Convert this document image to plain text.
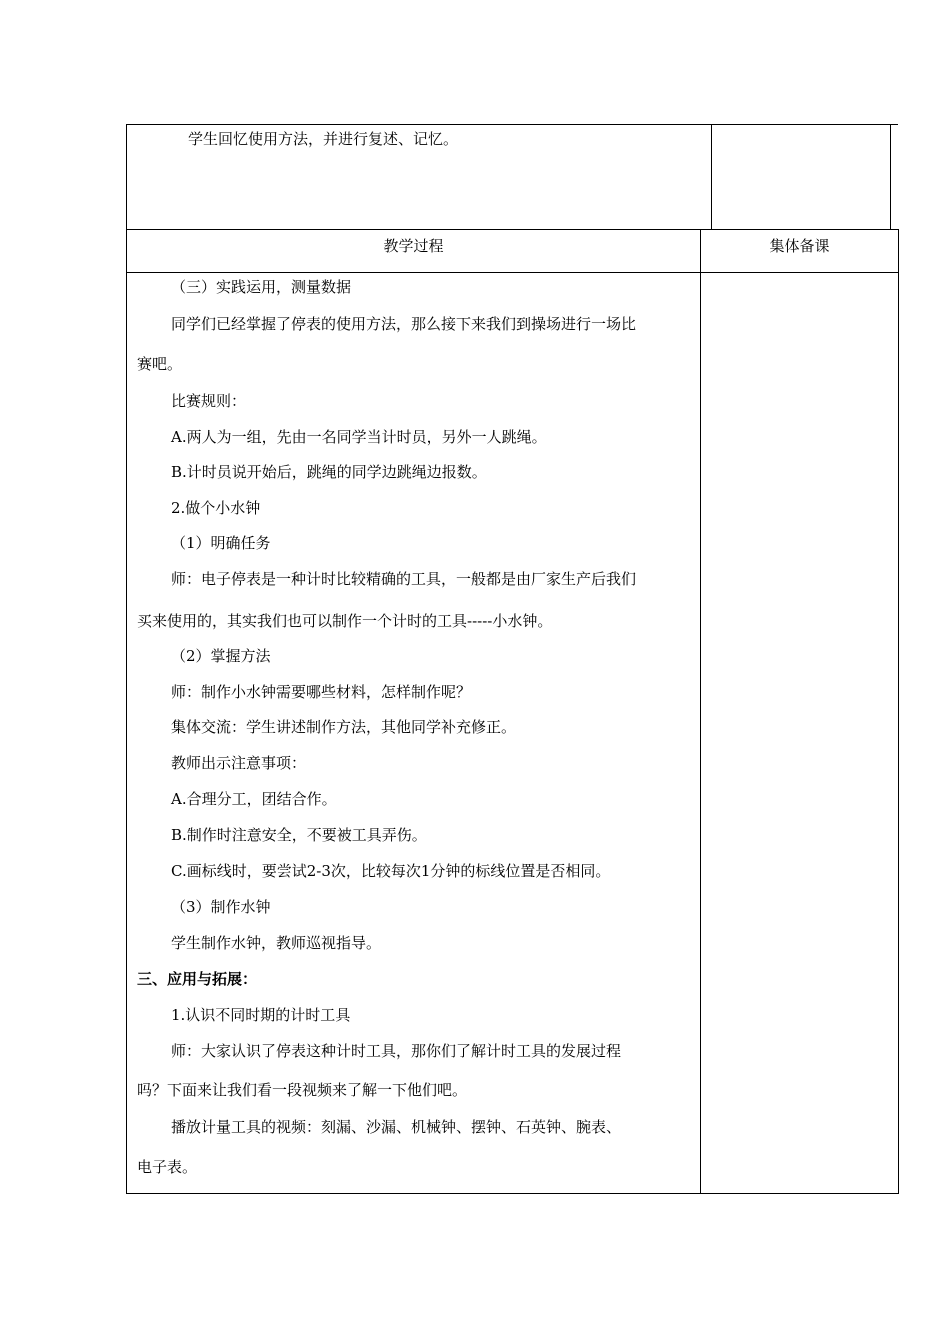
学生回忆使用方法，并进行复述、记忆。
教学过程	集体备课
（三）实践运用，测量数据
同学们已经掌握了停表的使用方法，那么接下来我们到操场进行一场比
赛吧。
比赛规则：
A.两人为一组，先由一名同学当计时员，另外一人跳绳。
B.计时员说开始后，跳绳的同学边跳绳边报数。
2.做个小水钟
（1）明确任务
师：电子停表是一种计时比较精确的工具，一般都是由厂家生产后我们
买来使用的，其实我们也可以制作一个计时的工具-----小水钟。
（2）掌握方法
师：制作小水钟需要哪些材料，怎样制作呢？
集体交流：学生讲述制作方法，其他同学补充修正。
教师出示注意事项：
A.合理分工，团结合作。
B.制作时注意安全，不要被工具弄伤。
C.画标线时，要尝试2-3次，比较每次1分钟的标线位置是否相同。
（3）制作水钟
学生制作水钟，教师巡视指导。
三、应用与拓展：
1.认识不同时期的计时工具
师：大家认识了停表这种计时工具，那你们了解计时工具的发展过程
吗？下面来让我们看一段视频来了解一下他们吧。
播放计量工具的视频：刻漏、沙漏、机械钟、摆钟、石英钟、腕表、
电子表。
